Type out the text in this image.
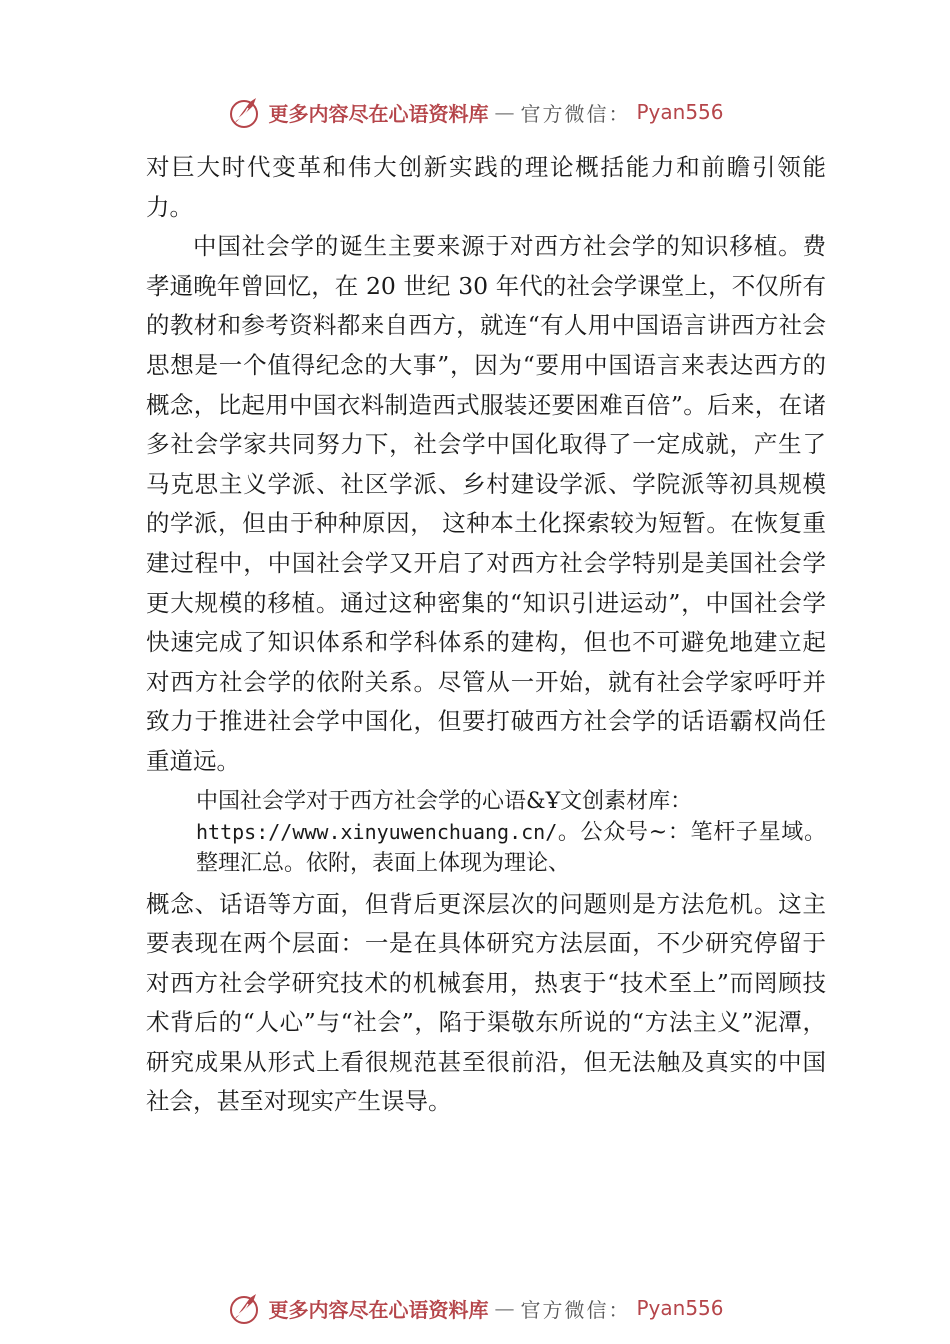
更多内容尽在心语资料库 — 官方微信： Pyan556

对巨大时代变革和伟大创新实践的理论概括能力和前瞻引领能力。

中国社会学的诞生主要来源于对西方社会学的知识移植。费孝通晚年曾回忆，在 20 世纪 30 年代的社会学课堂上，不仅所有的教材和参考资料都来自西方，就连“有人用中国语言讲西方社会思想是一个值得纪念的大事”，因为“要用中国语言来表达西方的概念，比起用中国衣料制造西式服装还要困难百倍”。后来，在诸多社会学家共同努力下，社会学中国化取得了一定成就，产生了马克思主义学派、社区学派、乡村建设学派、学院派等初具规模的学派，但由于种种原因， 这种本土化探索较为短暂。在恢复重建过程中，中国社会学又开启了对西方社会学特别是美国社会学更大规模的移植。通过这种密集的“知识引进运动”，中国社会学快速完成了知识体系和学科体系的建构，但也不可避免地建立起对西方社会学的依附关系。尽管从一开始，就有社会学家呼吁并致力于推进社会学中国化，但要打破西方社会学的话语霸权尚任重道远。

中国社会学对于西方社会学的心语&Ұ文创素材库：
https://www.xinyuwenchuang.cn/。公众号~：笔杆子星域。整理汇总。依附，表面上体现为理论、

概念、话语等方面，但背后更深层次的问题则是方法危机。这主要表现在两个层面：一是在具体研究方法层面，不少研究停留于对西方社会学研究技术的机械套用，热衷于“技术至上”而罔顾技术背后的“人心”与“社会”，陷于渠敬东所说的“方法主义”泥潭，研究成果从形式上看很规范甚至很前沿，但无法触及真实的中国社会，甚至对现实产生误导。

更多内容尽在心语资料库 — 官方微信： Pyan556
